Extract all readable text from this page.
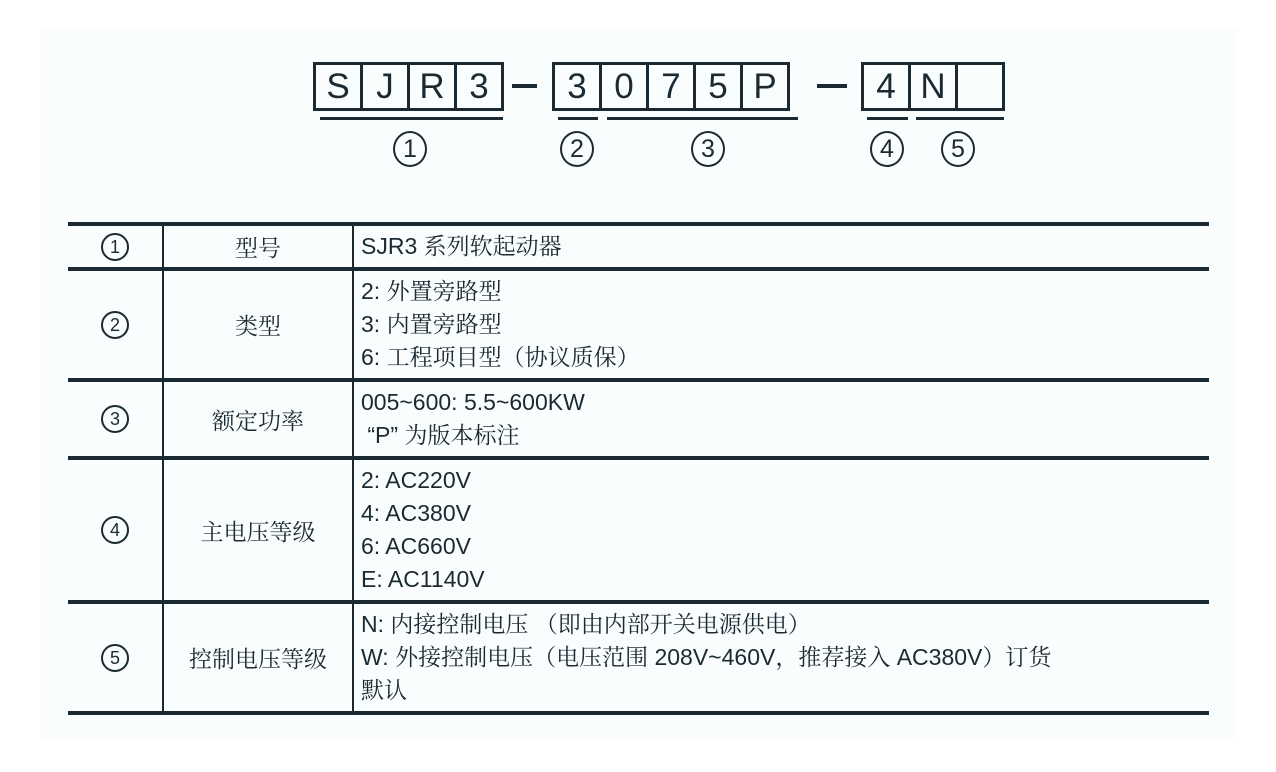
S J R 3	3 0 7 5 P	4 N
1	2	3	4	5
1	型号	SJR3 系列软起动器

2	类型	2: 外置旁路型
3: 内置旁路型
6: 工程项目型（协议质保）

3	额定功率	005~600: 5.5~600KW
“P” 为版本标注

4	主电压等级	2: AC220V
4: AC380V
6: AC660V
E: AC1140V

5	控制电压等级	N: 内接控制电压 （即由内部开关电源供电）
W: 外接控制电压（电压范围 208V~460V，推荐接入 AC380V）订货
默认
